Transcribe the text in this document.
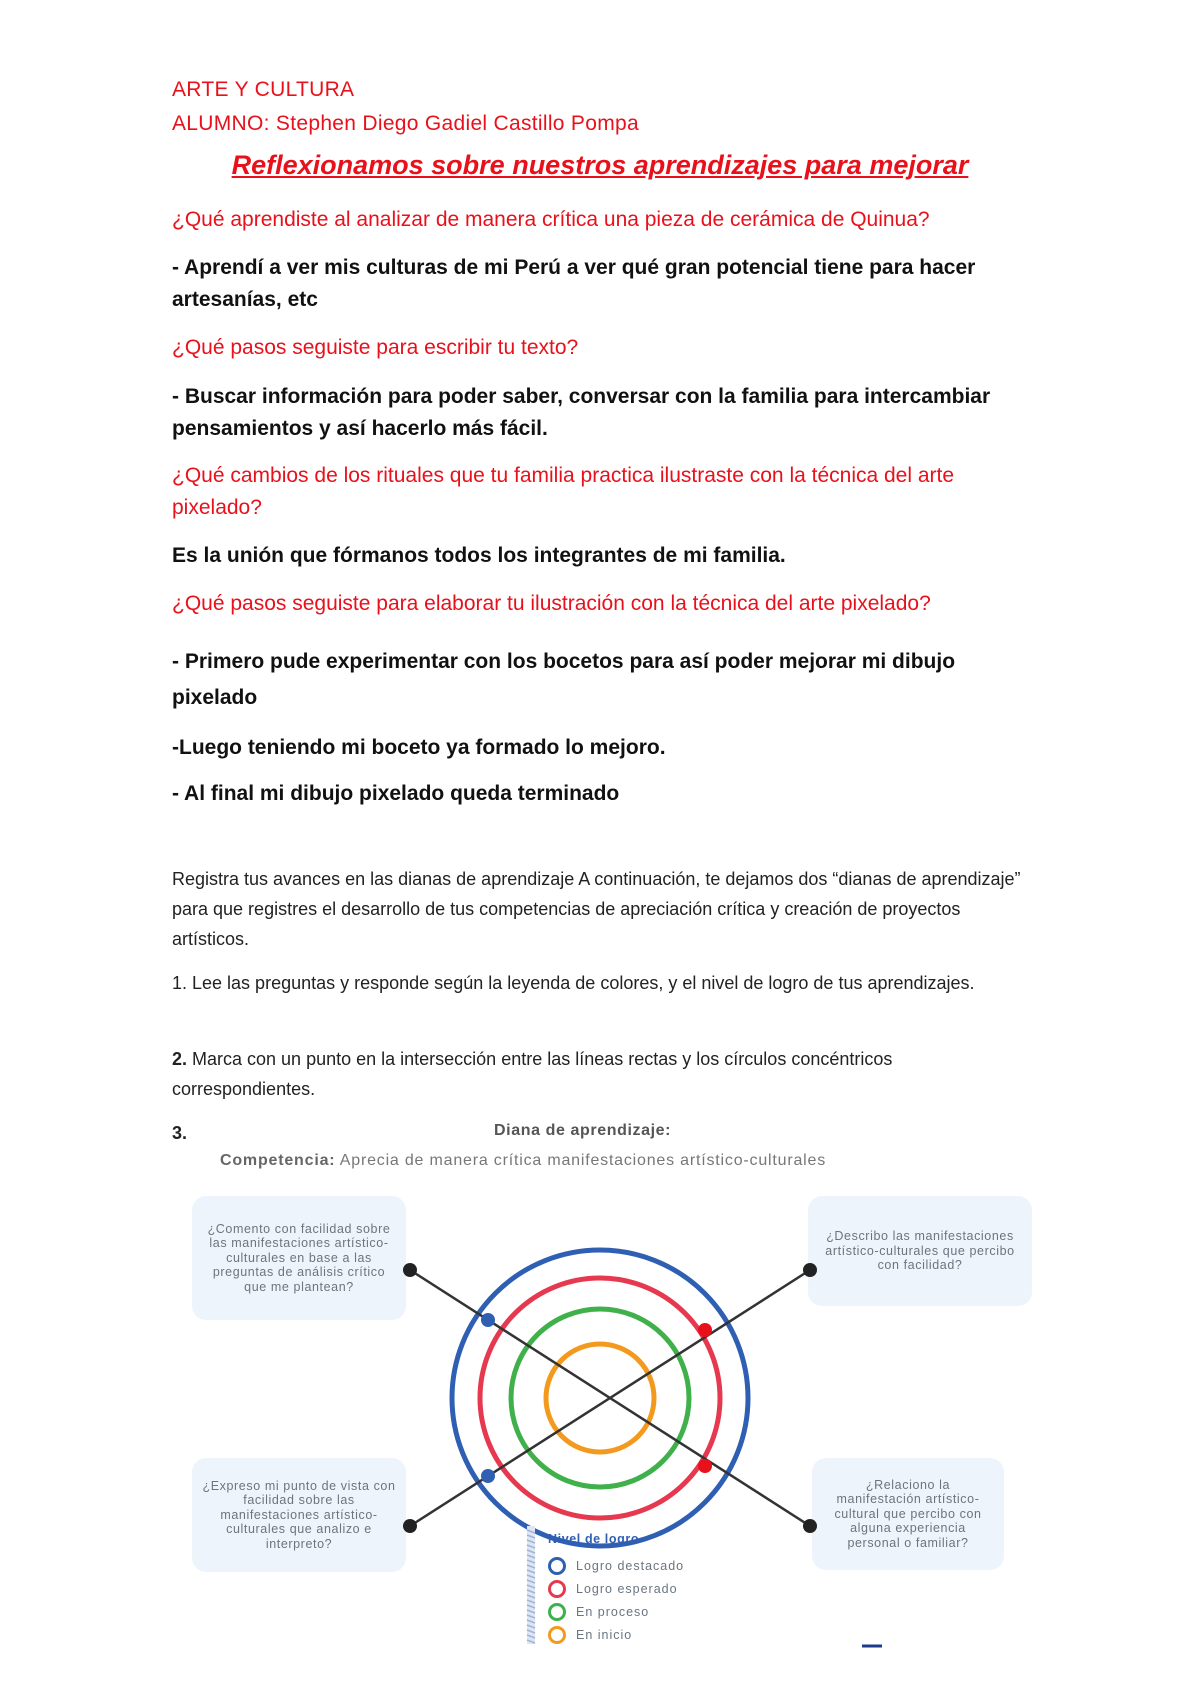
ARTE Y CULTURA
ALUMNO: Stephen Diego Gadiel Castillo Pompa
Reflexionamos sobre nuestros aprendizajes para mejorar
¿Qué aprendiste al analizar de manera crítica una pieza de cerámica de Quinua?
- Aprendí a ver mis culturas de mi Perú a ver qué gran potencial tiene para hacer artesanías, etc
¿Qué pasos seguiste para escribir tu texto?
- Buscar información para poder saber, conversar con la familia para intercambiar pensamientos y así hacerlo más fácil.
¿Qué cambios de los rituales que tu familia practica ilustraste con la técnica del arte pixelado?
Es la unión que fórmanos todos los integrantes de mi familia.
¿Qué pasos seguiste para elaborar tu ilustración con la técnica del arte pixelado?
- Primero pude experimentar con los bocetos para así poder mejorar mi dibujo pixelado
-Luego teniendo mi boceto ya formado lo mejoro.
- Al final mi dibujo pixelado queda terminado
Registra tus avances en las dianas de aprendizaje A continuación, te dejamos dos “dianas de aprendizaje” para que registres el desarrollo de tus competencias de apreciación crítica y creación de proyectos artísticos.
1. Lee las preguntas y responde según la leyenda de colores, y el nivel de logro de tus aprendizajes.
2. Marca con un punto en la intersección entre las líneas rectas y los círculos concéntricos correspondientes.
3.	Diana de aprendizaje:
Competencia: Aprecia de manera crítica manifestaciones artístico-culturales
¿Comento con facilidad sobre las manifestaciones artístico-culturales en base a las preguntas de análisis crítico que me plantean?
¿Describo las manifestaciones artístico-culturales que percibo con facilidad?
¿Expreso mi punto de vista con facilidad sobre las manifestaciones artístico-culturales que analizo e interpreto?
¿Relaciono la manifestación artístico-cultural que percibo con alguna experiencia personal o familiar?
Nivel de logro
Logro destacado
Logro esperado
En proceso
En inicio
